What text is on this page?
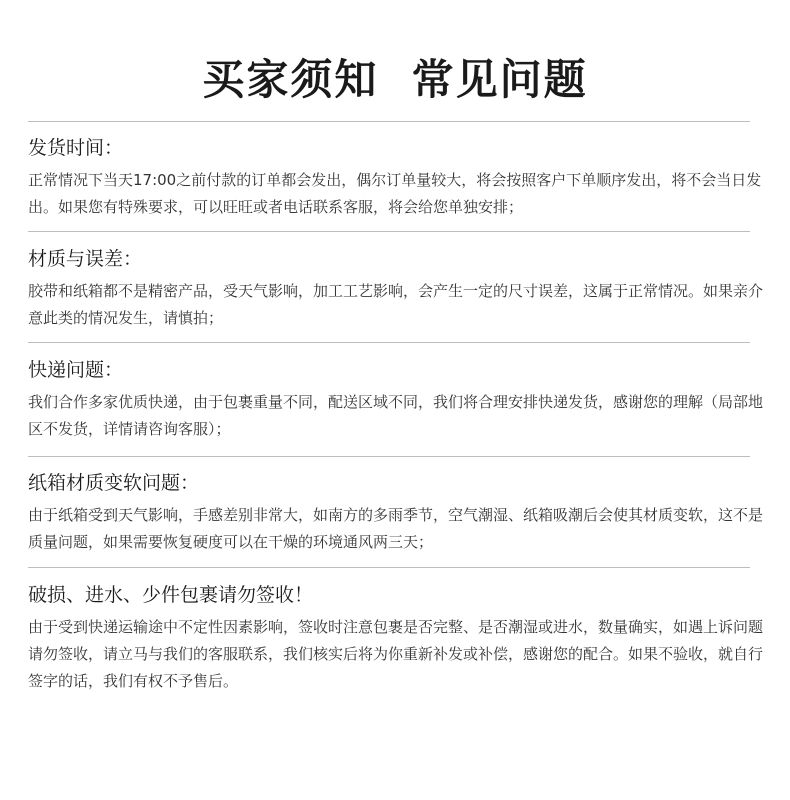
买家须知  常见问题
发货时间：

正常情况下当天17:00之前付款的订单都会发出，偶尔订单量较大，将会按照客户下单顺序发出，将不会当日发出。如果您有特殊要求，可以旺旺或者电话联系客服，将会给您单独安排；

材质与误差：

胶带和纸箱都不是精密产品，受天气影响，加工工艺影响，会产生一定的尺寸误差，这属于正常情况。如果亲介意此类的情况发生，请慎拍；

快递问题：

我们合作多家优质快递，由于包裹重量不同，配送区域不同，我们将合理安排快递发货，感谢您的理解（局部地区不发货，详情请咨询客服）；

纸箱材质变软问题：

由于纸箱受到天气影响，手感差别非常大，如南方的多雨季节，空气潮湿、纸箱吸潮后会使其材质变软，这不是质量问题，如果需要恢复硬度可以在干燥的环境通风两三天；

破损、进水、少件包裹请勿签收！

由于受到快递运输途中不定性因素影响，签收时注意包裹是否完整、是否潮湿或进水，数量确实，如遇上诉问题请勿签收，请立马与我们的客服联系，我们核实后将为你重新补发或补偿，感谢您的配合。如果不验收，就自行签字的话，我们有权不予售后。
